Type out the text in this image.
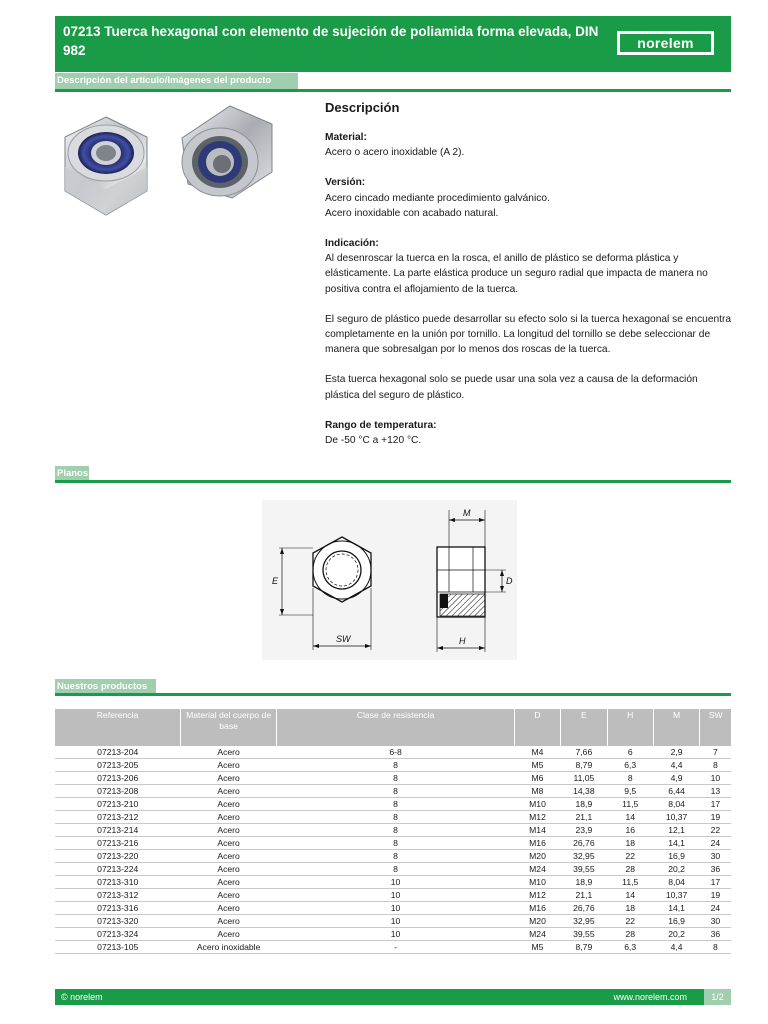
07213 Tuerca hexagonal con elemento de sujeción de poliamida forma elevada, DIN 982	norelem
Descripción del artículo/Imágenes del producto
Descripción

Material:

Acero o acero inoxidable (A 2).

Versión:

Acero cincado mediante procedimiento galvánico.

Acero inoxidable con acabado natural.

Indicación:

Al desenroscar la tuerca en la rosca, el anillo de plástico se deforma plástica y elásticamente. La parte elástica produce un seguro radial que impacta de manera no positiva contra el aflojamiento de la tuerca.

El seguro de plástico puede desarrollar su efecto solo si la tuerca hexagonal se encuentra completamente en la unión por tornillo. La longitud del tornillo se debe seleccionar de manera que sobresalgan por lo menos dos roscas de la tuerca.

Esta tuerca hexagonal solo se puede usar una sola vez a causa de la deformación plástica del seguro de plástico.

Rango de temperatura:

De -50 °C a +120 °C.

Planos
E
SW
M
D
H
Nuestros productos
Referencia	Material del cuerpo de base	Clase de resistencia	D	E	H	M	SW
07213-204	Acero	6-8	M4	7,66	6	2,9	7
07213-205	Acero	8	M5	8,79	6,3	4,4	8
07213-206	Acero	8	M6	11,05	8	4,9	10
07213-208	Acero	8	M8	14,38	9,5	6,44	13
07213-210	Acero	8	M10	18,9	11,5	8,04	17
07213-212	Acero	8	M12	21,1	14	10,37	19
07213-214	Acero	8	M14	23,9	16	12,1	22
07213-216	Acero	8	M16	26,76	18	14,1	24
07213-220	Acero	8	M20	32,95	22	16,9	30
07213-224	Acero	8	M24	39,55	28	20,2	36
07213-310	Acero	10	M10	18,9	11,5	8,04	17
07213-312	Acero	10	M12	21,1	14	10,37	19
07213-316	Acero	10	M16	26,76	18	14,1	24
07213-320	Acero	10	M20	32,95	22	16,9	30
07213-324	Acero	10	M24	39,55	28	20,2	36
07213-105	Acero inoxidable	-	M5	8,79	6,3	4,4	8
© norelem	www.norelem.com	1/2
